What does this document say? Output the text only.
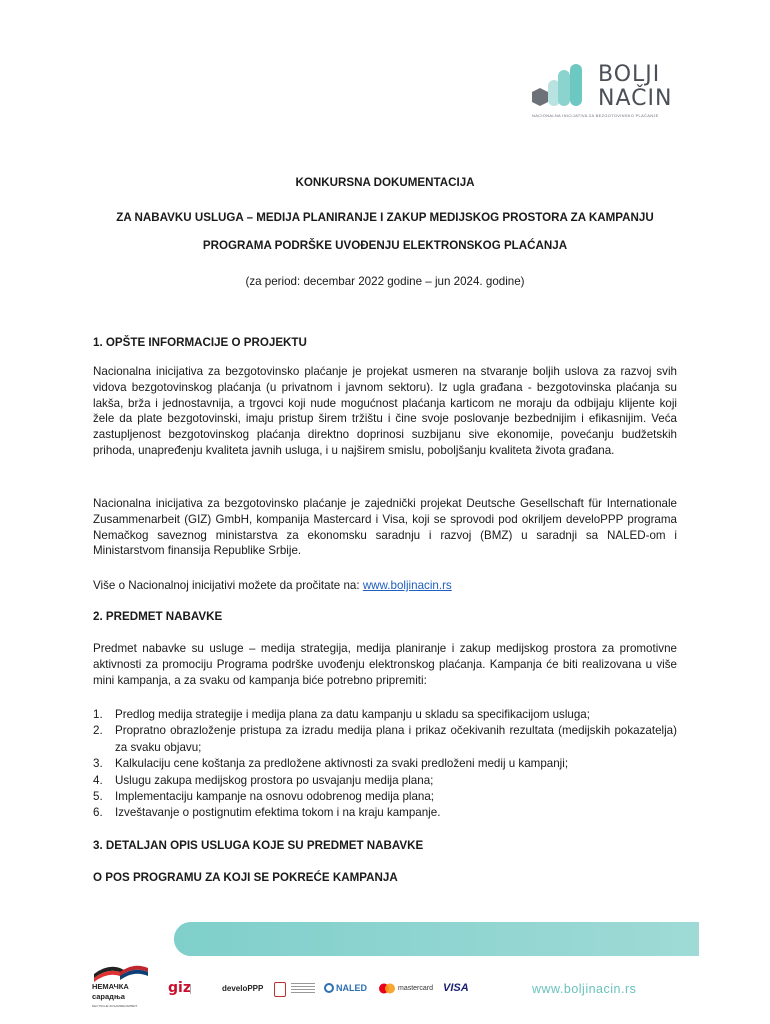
BOLJI
NAČIN
NACIONALNA INICIJATIVA ZA BEZGOTOVINSKO PLAĆANJE
KONKURSNA DOKUMENTACIJA
ZA NABAVKU USLUGA – MEDIJA PLANIRANJE I ZAKUP MEDIJSKOG PROSTORA ZA KAMPANJU
PROGRAMA PODRŠKE UVOĐENJU ELEKTRONSKOG PLAĆANJA
(za period: decembar 2022 godine – jun 2024. godine)
1. OPŠTE INFORMACIJE O PROJEKTU

Nacionalna inicijativa za bezgotovinsko plaćanje je projekat usmeren na stvaranje boljih uslova za razvoj svih vidova bezgotovinskog plaćanja (u privatnom i javnom sektoru). Iz ugla građana - bezgotovinska plaćanja su lakša, brža i jednostavnija, a trgovci koji nude mogućnost plaćanja karticom ne moraju da odbijaju klijente koji žele da plate bezgotovinski, imaju pristup širem tržištu i čine svoje poslovanje bezbednijim i efikasnijim. Veća zastupljenost bezgotovinskog plaćanja direktno doprinosi suzbijanu sive ekonomije, povećanju budžetskih prihoda, unapređenju kvaliteta javnih usluga, i u najširem smislu, poboljšanju kvaliteta života građana.

Nacionalna inicijativa za bezgotovinsko plaćanje je zajednički projekat Deutsche Gesellschaft für Internationale Zusammenarbeit (GIZ) GmbH, kompanija Mastercard i Visa, koji se sprovodi pod okriljem develoPPP programa Nemačkog saveznog ministarstva za ekonomsku saradnju i razvoj (BMZ) u saradnji sa NALED-om i Ministarstvom finansija Republike Srbije.

Više o Nacionalnoj inicijativi možete da pročitate na: www.boljinacin.rs

2. PREDMET NABAVKE

Predmet nabavke su usluge – medija strategija, medija planiranje i zakup medijskog prostora za promotivne aktivnosti za promociju Programa podrške uvođenju elektronskog plaćanja. Kampanja će biti realizovana u više mini kampanja, a za svaku od kampanja biće potrebno pripremiti:

1.	Predlog medija strategije i medija plana za datu kampanju u skladu sa specifikacijom usluga;
2.	Propratno obrazloženje pristupa za izradu medija plana i prikaz očekivanih rezultata (medijskih pokazatelja) za svaku objavu;
3.	Kalkulaciju cene koštanja za predložene aktivnosti za svaki predloženi medij u kampanji;
4.	Uslugu zakupa medijskog prostora po usvajanju medija plana;
5.	Implementaciju kampanje na osnovu odobrenog medija plana;
6.	Izveštavanje o postignutim efektima tokom i na kraju kampanje.
3. DETALJAN OPIS USLUGA KOJE SU PREDMET NABAVKE
O POS PROGRAMU ZA KOJI SE POKREĆE KAMPANJA
НЕМАЧКА
сарадња
DEUTSCHE ZUSAMMENARBEIT
giz	develoPPP	NALED	mastercard VISA	www.boljinacin.rs
